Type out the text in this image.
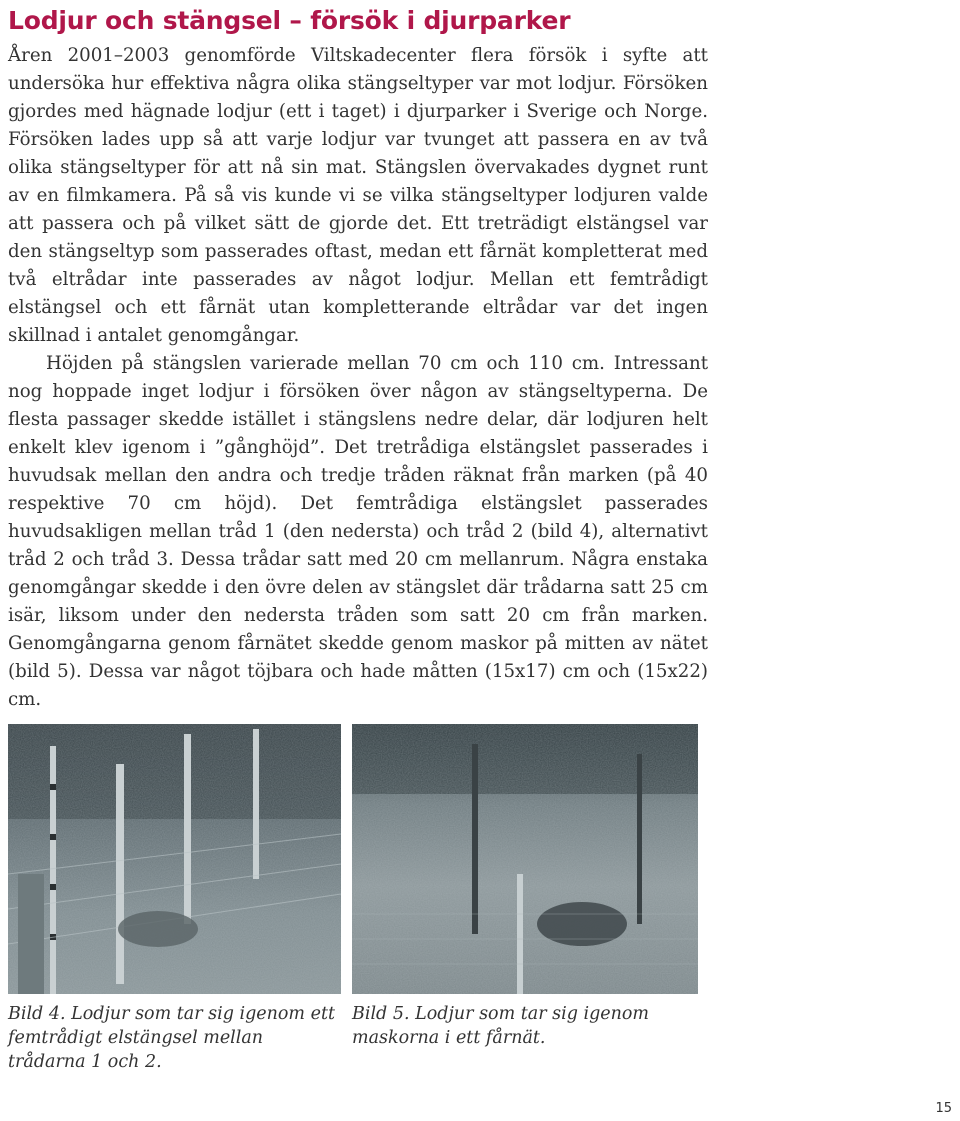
Lodjur och stängsel – försök i djurparker

Åren 2001–2003 genomförde Viltskadecenter flera försök i syfte att undersöka hur effektiva några olika stängseltyper var mot lodjur. Försöken gjordes med hägnade lodjur (ett i taget) i djurparker i Sverige och Norge. Försöken lades upp så att varje lodjur var tvunget att passera en av två olika stängseltyper för att nå sin mat. Stängslen övervakades dygnet runt av en filmkamera. På så vis kunde vi se vilka stängseltyper lodjuren valde att passera och på vilket sätt de gjorde det. Ett treträdigt elstängsel var den stängseltyp som passerades oftast, medan ett fårnät kompletterat med två eltrådar inte passerades av något lodjur. Mellan ett femtrådigt elstängsel och ett fårnät utan kompletterande eltrådar var det ingen skillnad i antalet genomgångar.

Höjden på stängslen varierade mellan 70 cm och 110 cm. Intressant nog hoppade inget lodjur i försöken över någon av stängseltyperna. De flesta passager skedde istället i stängslens nedre delar, där lodjuren helt enkelt klev igenom i ”gånghöjd”. Det tretrådiga elstängslet passerades i huvudsak mellan den andra och tredje tråden räknat från marken (på 40 respektive 70 cm höjd). Det femtrådiga elstängslet passerades huvudsakligen mellan tråd 1 (den nedersta) och tråd 2 (bild 4), alternativt tråd 2 och tråd 3. Dessa trådar satt med 20 cm mellanrum. Några enstaka genomgångar skedde i den övre delen av stängslet där trådarna satt 25 cm isär, liksom under den nedersta tråden som satt 20 cm från marken. Genomgångarna genom fårnätet skedde genom maskor på mitten av nätet (bild 5). Dessa var något töjbara och hade måtten (15x17) cm och (15x22) cm.

Bild 4. Lodjur som tar sig igenom ett femtrådigt elstängsel mellan trådarna 1 och 2.

Bild 5. Lodjur som tar sig igenom maskorna i ett fårnät.

15
